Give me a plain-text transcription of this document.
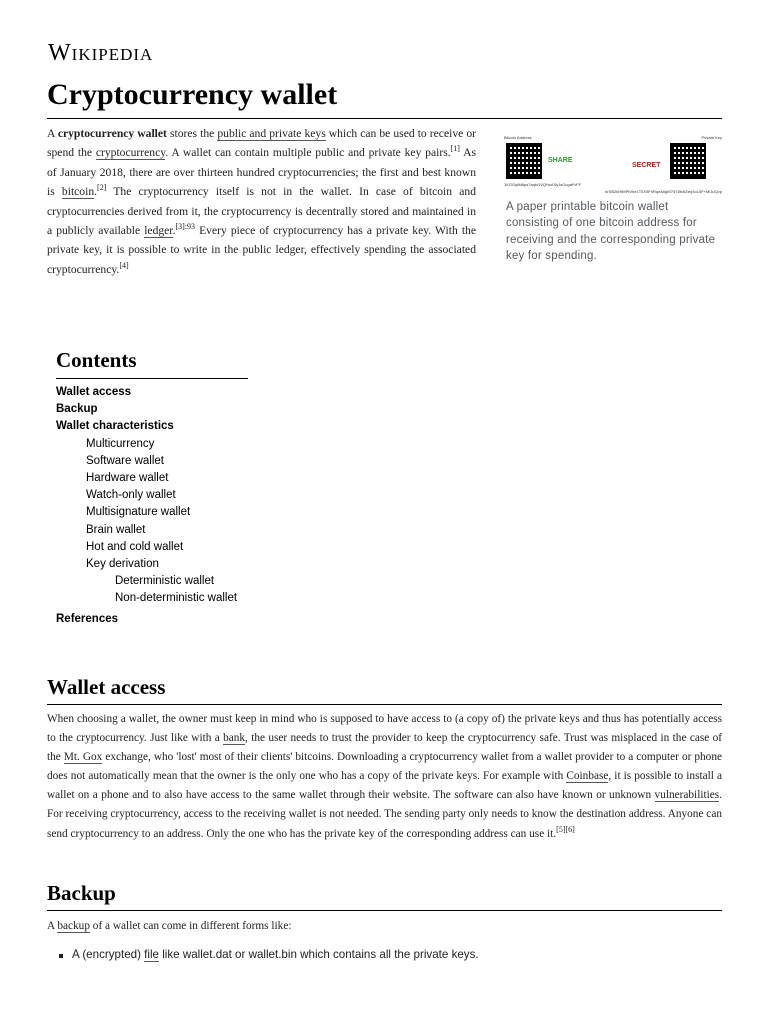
Wikipedia
Cryptocurrency wallet

A cryptocurrency wallet stores the public and private keys which can be used to receive or spend the cryptocurrency. A wallet can contain multiple public and private key pairs.[1] As of January 2018, there are over thirteen hundred cryptocurrencies; the first and best known is bitcoin.[2] The cryptocurrency itself is not in the wallet. In case of bitcoin and cryptocurrencies derived from it, the cryptocurrency is decentrally stored and maintained in a publicly available ledger.$^{[3]:93}$ Every piece of cryptocurrency has a private key. With the private key, it is possible to write in the public ledger, effectively spending the associated cryptocurrency.[4]

Bitcoin Address	Private Key
SHARE
SECRET
1KGGqtM6ps7aqkt1VQHcASyJsGcgaFvFF
6rSB2kHfMPtVhe1T5X5FhRqeA6gM75T8b4fZerj3oL5F+MGuQvp
A paper printable bitcoin wallet consisting of one bitcoin address for receiving and the corresponding private key for spending.
Contents
Wallet access
Backup
Wallet characteristics
Multicurrency
Software wallet
Hardware wallet
Watch-only wallet
Multisignature wallet
Brain wallet
Hot and cold wallet
Key derivation
Deterministic wallet
Non-deterministic wallet
References
Wallet access

When choosing a wallet, the owner must keep in mind who is supposed to have access to (a copy of) the private keys and thus has potentially access to the cryptocurrency. Just like with a bank, the user needs to trust the provider to keep the cryptocurrency safe. Trust was misplaced in the case of the Mt. Gox exchange, who 'lost' most of their clients' bitcoins. Downloading a cryptocurrency wallet from a wallet provider to a computer or phone does not automatically mean that the owner is the only one who has a copy of the private keys. For example with Coinbase, it is possible to install a wallet on a phone and to also have access to the same wallet through their website. The software can also have known or unknown vulnerabilities. For receiving cryptocurrency, access to the receiving wallet is not needed. The sending party only needs to know the destination address. Anyone can send cryptocurrency to an address. Only the one who has the private key of the corresponding address can use it.[5][6]

Backup

A backup of a wallet can come in different forms like:

A (encrypted) file like wallet.dat or wallet.bin which contains all the private keys.
